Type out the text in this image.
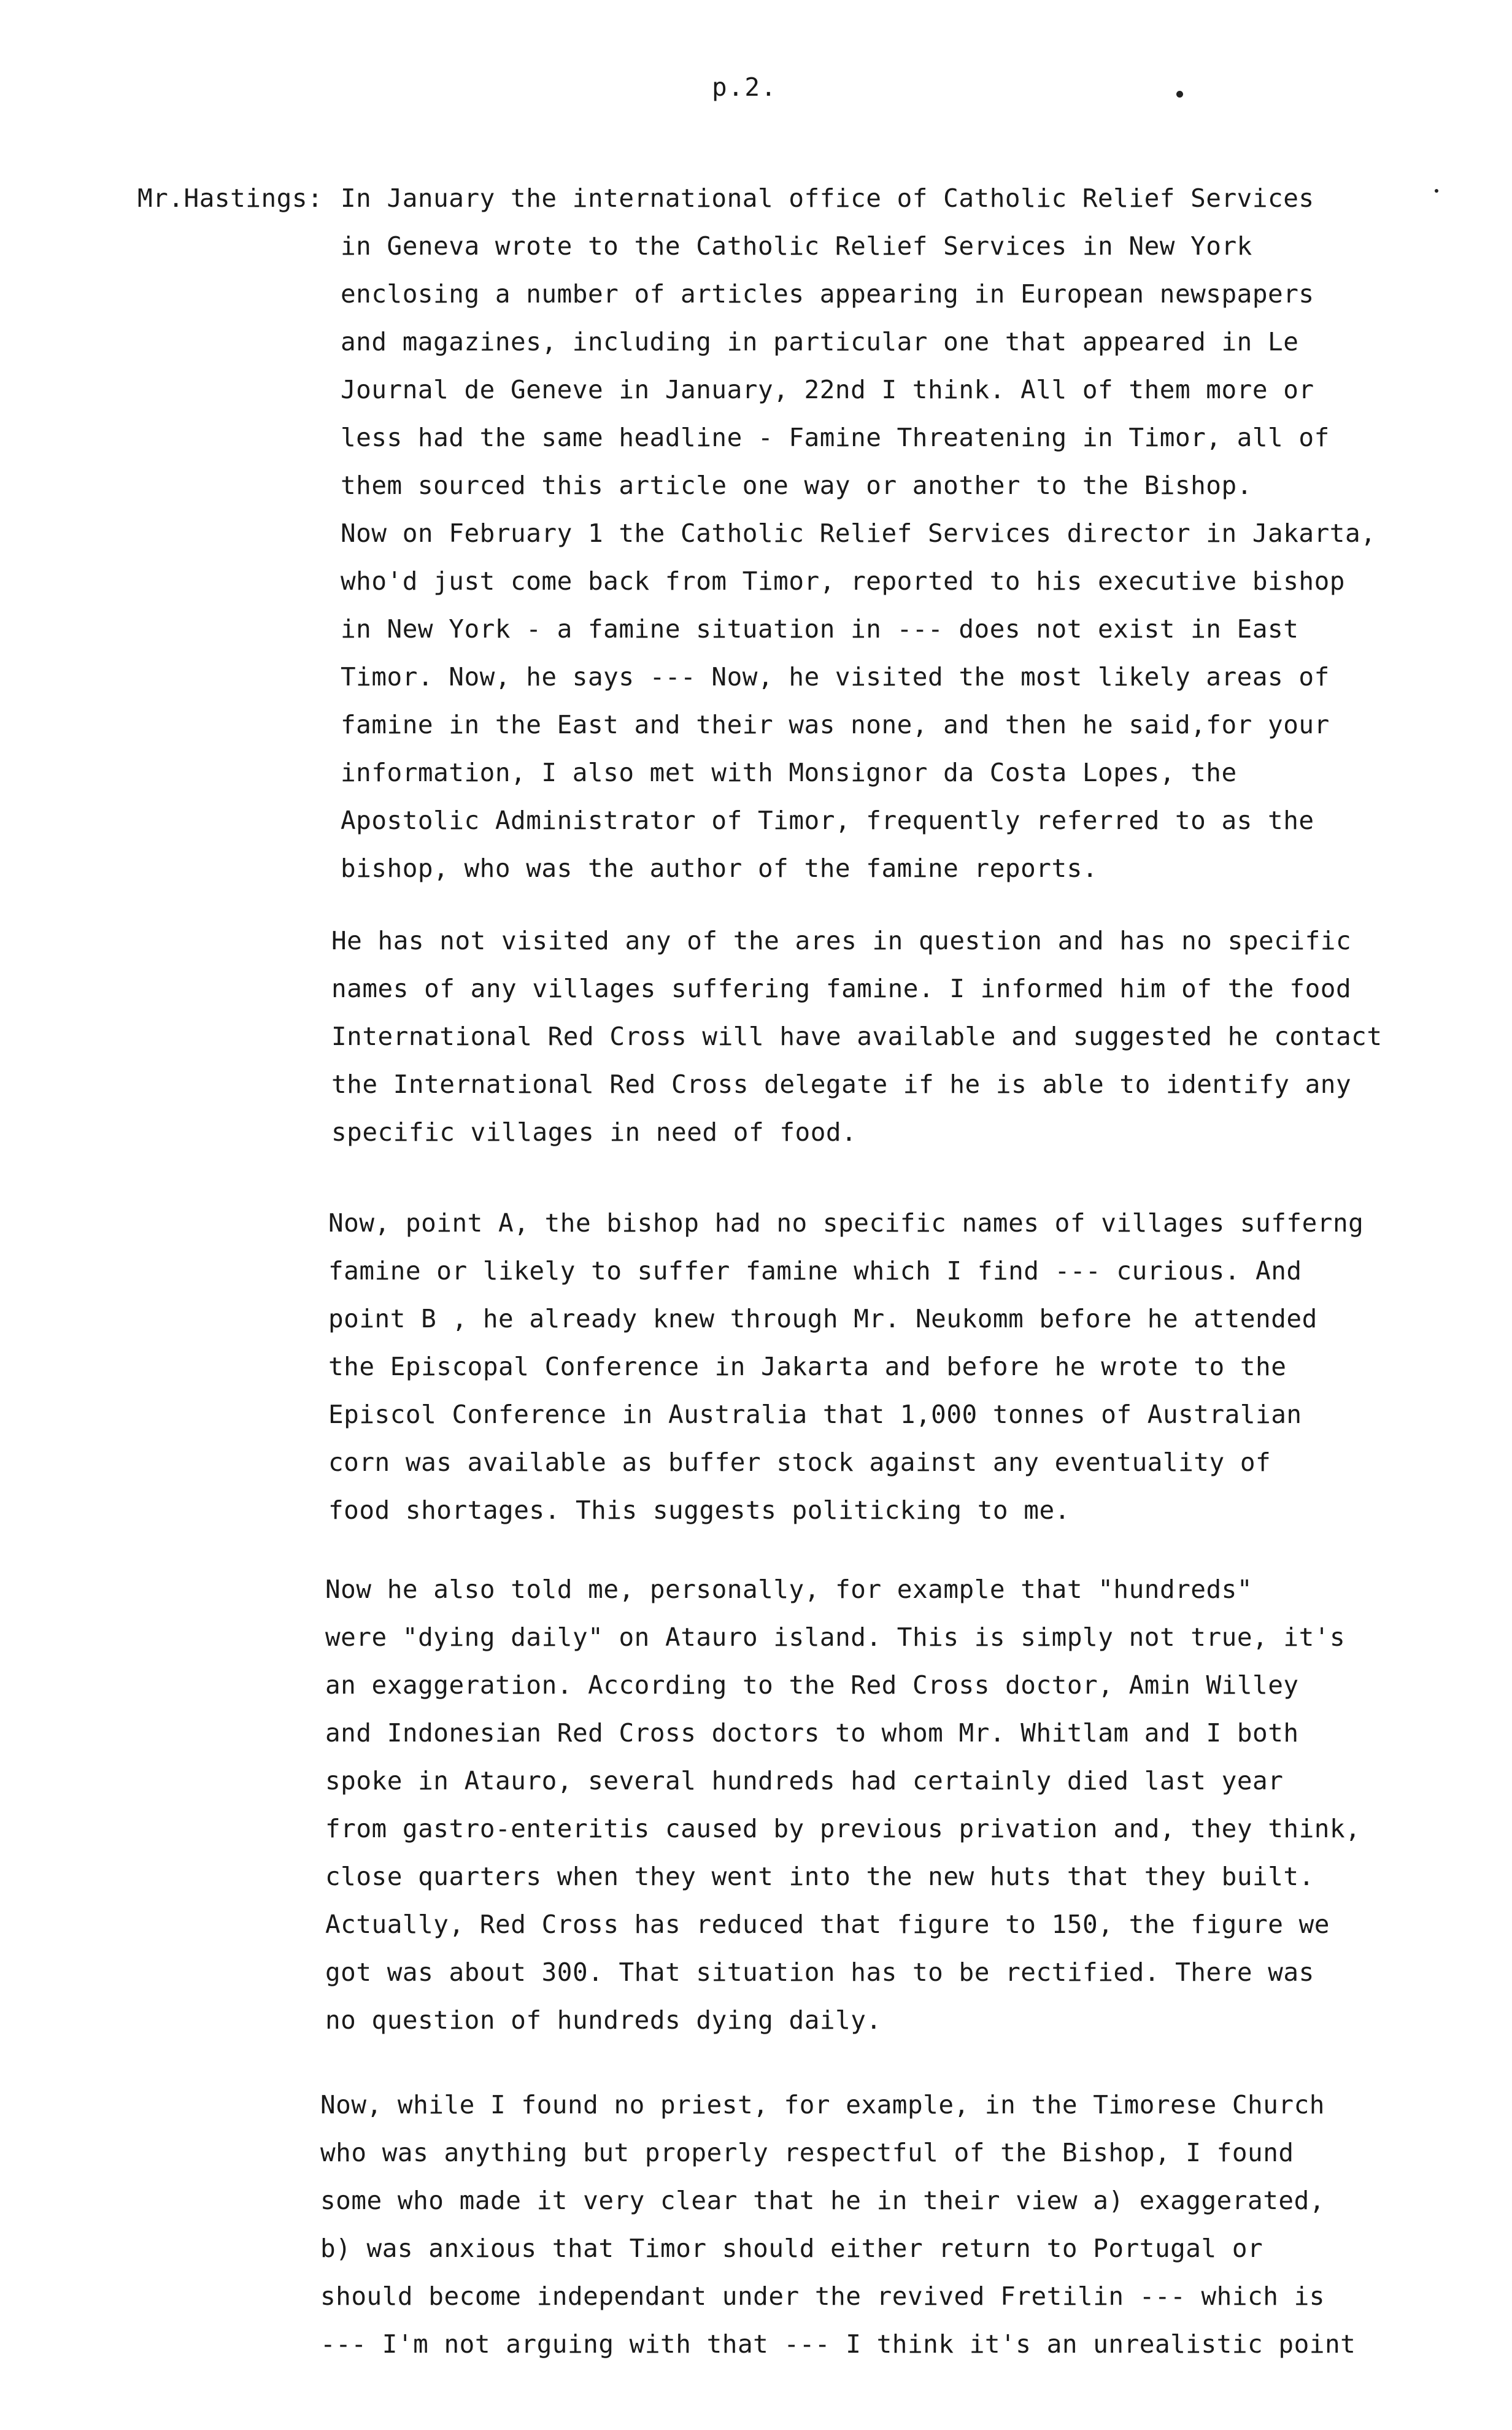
p.2.
Mr.Hastings: In January the international office of Catholic Relief Services
in Geneva wrote to the Catholic Relief Services in New York
enclosing a number of articles appearing in European newspapers
and magazines, including in particular one that appeared in Le
Journal de Geneve in January, 22nd I think. All of them more or
less had the same headline - Famine Threatening in Timor, all of
them sourced this article one way or another to the Bishop.
Now on February 1 the Catholic Relief Services director in Jakarta,
who'd just come back from Timor, reported to his executive bishop
in New York - a famine situation in --- does not exist in East
Timor. Now, he says --- Now, he visited the most likely areas of
famine in the East and their was none, and then he said,for your
information, I also met with Monsignor da Costa Lopes, the
Apostolic Administrator of Timor, frequently referred to as the
bishop, who was the author of the famine reports.
He has not visited any of the ares in question and has no specific
names of any villages suffering famine. I informed him of the food
International Red Cross will have available and suggested he contact
the International Red Cross delegate if he is able to identify any
specific villages in need of food.
Now, point A, the bishop had no specific names of villages sufferng
famine or likely to suffer famine which I find --- curious. And
point B , he already knew through Mr. Neukomm before he attended
the Episcopal Conference in Jakarta and before he wrote to the
Episcol Conference in Australia that 1,000 tonnes of Australian
corn was available as buffer stock against any eventuality of
food shortages. This suggests politicking to me.
Now he also told me, personally, for example that "hundreds"
were "dying daily" on Atauro island. This is simply not true, it's
an exaggeration. According to the Red Cross doctor, Amin Willey
and Indonesian Red Cross doctors to whom Mr. Whitlam and I both
spoke in Atauro, several hundreds had certainly died last year
from gastro-enteritis caused by previous privation and, they think,
close quarters when they went into the new huts that they built.
Actually, Red Cross has reduced that figure to 150, the figure we
got was about 300. That situation has to be rectified. There was
no question of hundreds dying daily.
Now, while I found no priest, for example, in the Timorese Church
who was anything but properly respectful of the Bishop, I found
some who made it very clear that he in their view a) exaggerated,
b) was anxious that Timor should either return to Portugal or
should become independant under the revived Fretilin --- which is
--- I'm not arguing with that --- I think it's an unrealistic point
